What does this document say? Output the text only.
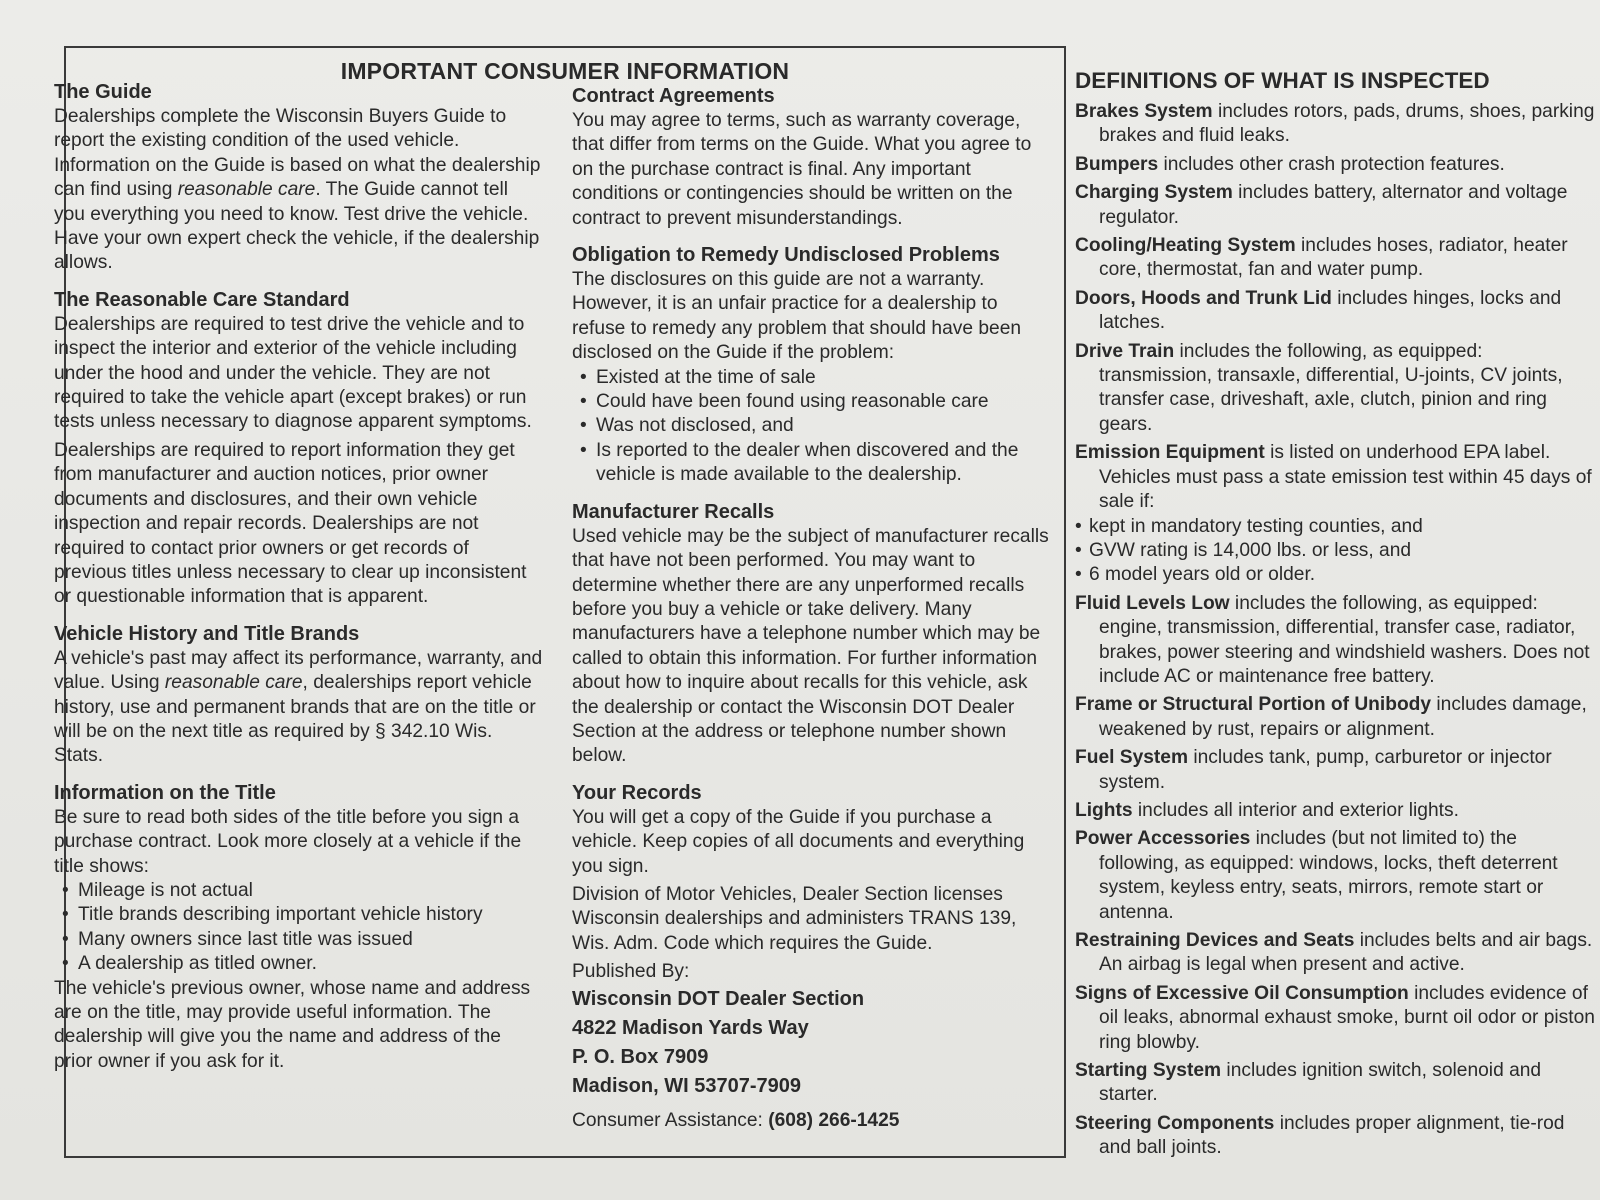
IMPORTANT CONSUMER INFORMATION
The Guide

Dealerships complete the Wisconsin Buyers Guide to report the existing condition of the used vehicle. Information on the Guide is based on what the dealership can find using reasonable care. The Guide cannot tell you everything you need to know. Test drive the vehicle. Have your own expert check the vehicle, if the dealership allows.

The Reasonable Care Standard

Dealerships are required to test drive the vehicle and to inspect the interior and exterior of the vehicle including under the hood and under the vehicle. They are not required to take the vehicle apart (except brakes) or run tests unless necessary to diagnose apparent symptoms.

Dealerships are required to report information they get from manufacturer and auction notices, prior owner documents and disclosures, and their own vehicle inspection and repair records. Dealerships are not required to contact prior owners or get records of previous titles unless necessary to clear up inconsistent or questionable information that is apparent.

Vehicle History and Title Brands

A vehicle's past may affect its performance, warranty, and value. Using reasonable care, dealerships report vehicle history, use and permanent brands that are on the title or will be on the next title as required by § 342.10 Wis. Stats.

Information on the Title

Be sure to read both sides of the title before you sign a purchase contract. Look more closely at a vehicle if the title shows:

• Mileage is not actual
• Title brands describing important vehicle history
• Many owners since last title was issued
• A dealership as titled owner.

The vehicle's previous owner, whose name and address are on the title, may provide useful information. The dealership will give you the name and address of the prior owner if you ask for it.

Contract Agreements

You may agree to terms, such as warranty coverage, that differ from terms on the Guide. What you agree to on the purchase contract is final. Any important conditions or contingencies should be written on the contract to prevent misunderstandings.

Obligation to Remedy Undisclosed Problems

The disclosures on this guide are not a warranty. However, it is an unfair practice for a dealership to refuse to remedy any problem that should have been disclosed on the Guide if the problem:

• Existed at the time of sale
• Could have been found using reasonable care
• Was not disclosed, and
• Is reported to the dealer when discovered and the vehicle is made available to the dealership.
Manufacturer Recalls

Used vehicle may be the subject of manufacturer recalls that have not been performed. You may want to determine whether there are any unperformed recalls before you buy a vehicle or take delivery. Many manufacturers have a telephone number which may be called to obtain this information. For further information about how to inquire about recalls for this vehicle, ask the dealership or contact the Wisconsin DOT Dealer Section at the address or telephone number shown below.

Your Records

You will get a copy of the Guide if you purchase a vehicle. Keep copies of all documents and everything you sign.

Division of Motor Vehicles, Dealer Section licenses Wisconsin dealerships and administers TRANS 139, Wis. Adm. Code which requires the Guide.

Published By:

Wisconsin DOT Dealer Section
4822 Madison Yards Way
P. O. Box 7909
Madison, WI 53707-7909

Consumer Assistance: (608) 266-1425

DEFINITIONS OF WHAT IS INSPECTED
Brakes System includes rotors, pads, drums, shoes, parking brakes and fluid leaks.
Bumpers includes other crash protection features.
Charging System includes battery, alternator and voltage regulator.
Cooling/Heating System includes hoses, radiator, heater core, thermostat, fan and water pump.
Doors, Hoods and Trunk Lid includes hinges, locks and latches.
Drive Train includes the following, as equipped: transmission, transaxle, differential, U-joints, CV joints, transfer case, driveshaft, axle, clutch, pinion and ring gears.
Emission Equipment is listed on underhood EPA label. Vehicles must pass a state emission test within 45 days of sale if:
• kept in mandatory testing counties, and
• GVW rating is 14,000 lbs. or less, and
• 6 model years old or older.
Fluid Levels Low includes the following, as equipped: engine, transmission, differential, transfer case, radiator, brakes, power steering and windshield washers. Does not include AC or maintenance free battery.
Frame or Structural Portion of Unibody includes damage, weakened by rust, repairs or alignment.
Fuel System includes tank, pump, carburetor or injector system.
Lights includes all interior and exterior lights.
Power Accessories includes (but not limited to) the following, as equipped: windows, locks, theft deterrent system, keyless entry, seats, mirrors, remote start or antenna.
Restraining Devices and Seats includes belts and air bags. An airbag is legal when present and active.
Signs of Excessive Oil Consumption includes evidence of oil leaks, abnormal exhaust smoke, burnt oil odor or piston ring blowby.
Starting System includes ignition switch, solenoid and starter.
Steering Components includes proper alignment, tie-rod and ball joints.
